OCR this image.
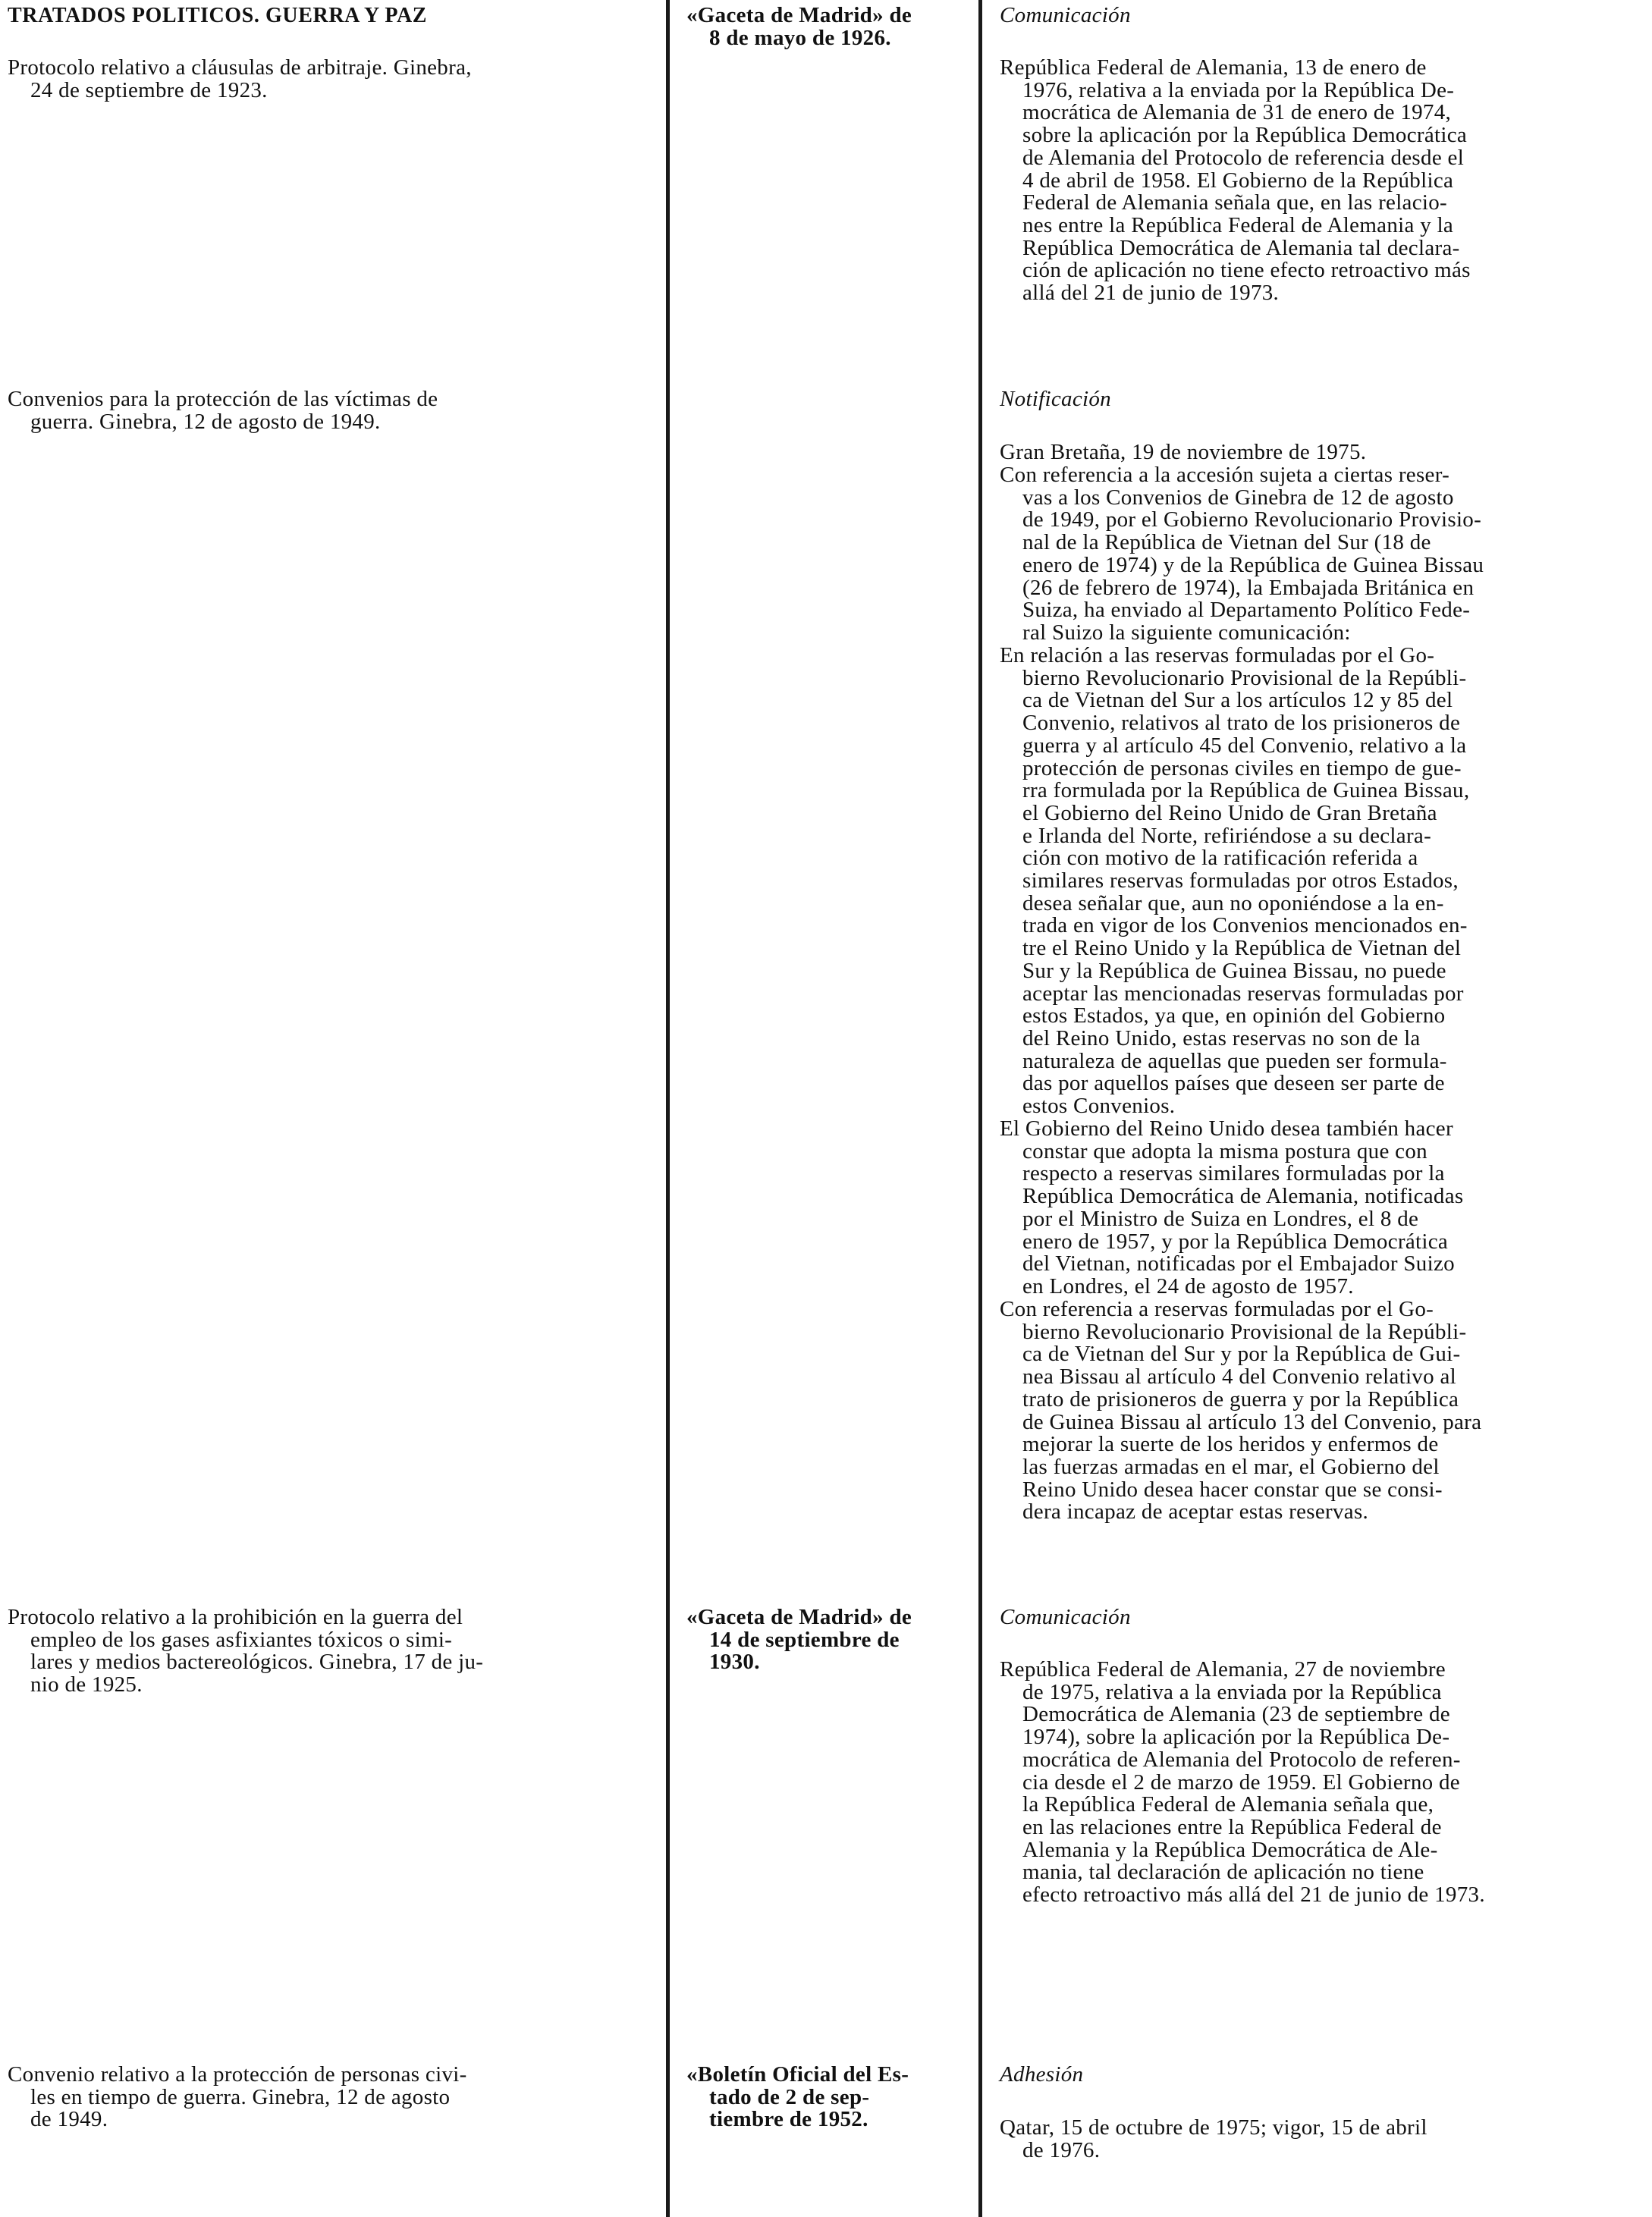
TRATADOS POLITICOS. GUERRA Y PAZ
Protocolo relativo a cláusulas de arbitraje. Ginebra,
24 de septiembre de 1923.
«Gaceta de Madrid» de
8 de mayo de 1926.
Comunicación
República Federal de Alemania, 13 de enero de
1976, relativa a la enviada por la República De-
mocrática de Alemania de 31 de enero de 1974,
sobre la aplicación por la República Democrática
de Alemania del Protocolo de referencia desde el
4 de abril de 1958. El Gobierno de la República
Federal de Alemania señala que, en las relacio-
nes entre la República Federal de Alemania y la
República Democrática de Alemania tal declara-
ción de aplicación no tiene efecto retroactivo más
allá del 21 de junio de 1973.
Convenios para la protección de las víctimas de
guerra. Ginebra, 12 de agosto de 1949.
Notificación
Gran Bretaña, 19 de noviembre de 1975.
Con referencia a la accesión sujeta a ciertas reser-
vas a los Convenios de Ginebra de 12 de agosto
de 1949, por el Gobierno Revolucionario Provisio-
nal de la República de Vietnan del Sur (18 de
enero de 1974) y de la República de Guinea Bissau
(26 de febrero de 1974), la Embajada Británica en
Suiza, ha enviado al Departamento Político Fede-
ral Suizo la siguiente comunicación:
En relación a las reservas formuladas por el Go-
bierno Revolucionario Provisional de la Repúbli-
ca de Vietnan del Sur a los artículos 12 y 85 del
Convenio, relativos al trato de los prisioneros de
guerra y al artículo 45 del Convenio, relativo a la
protección de personas civiles en tiempo de gue-
rra formulada por la República de Guinea Bissau,
el Gobierno del Reino Unido de Gran Bretaña
e Irlanda del Norte, refiriéndose a su declara-
ción con motivo de la ratificación referida a
similares reservas formuladas por otros Estados,
desea señalar que, aun no oponiéndose a la en-
trada en vigor de los Convenios mencionados en-
tre el Reino Unido y la República de Vietnan del
Sur y la República de Guinea Bissau, no puede
aceptar las mencionadas reservas formuladas por
estos Estados, ya que, en opinión del Gobierno
del Reino Unido, estas reservas no son de la
naturaleza de aquellas que pueden ser formula-
das por aquellos países que deseen ser parte de
estos Convenios.
El Gobierno del Reino Unido desea también hacer
constar que adopta la misma postura que con
respecto a reservas similares formuladas por la
República Democrática de Alemania, notificadas
por el Ministro de Suiza en Londres, el 8 de
enero de 1957, y por la República Democrática
del Vietnan, notificadas por el Embajador Suizo
en Londres, el 24 de agosto de 1957.
Con referencia a reservas formuladas por el Go-
bierno Revolucionario Provisional de la Repúbli-
ca de Vietnan del Sur y por la República de Gui-
nea Bissau al artículo 4 del Convenio relativo al
trato de prisioneros de guerra y por la República
de Guinea Bissau al artículo 13 del Convenio, para
mejorar la suerte de los heridos y enfermos de
las fuerzas armadas en el mar, el Gobierno del
Reino Unido desea hacer constar que se consi-
dera incapaz de aceptar estas reservas.
Protocolo relativo a la prohibición en la guerra del
empleo de los gases asfixiantes tóxicos o simi-
lares y medios bactereológicos. Ginebra, 17 de ju-
nio de 1925.
«Gaceta de Madrid» de
14 de septiembre de
1930.
Comunicación
República Federal de Alemania, 27 de noviembre
de 1975, relativa a la enviada por la República
Democrática de Alemania (23 de septiembre de
1974), sobre la aplicación por la República De-
mocrática de Alemania del Protocolo de referen-
cia desde el 2 de marzo de 1959. El Gobierno de
la República Federal de Alemania señala que,
en las relaciones entre la República Federal de
Alemania y la República Democrática de Ale-
mania, tal declaración de aplicación no tiene
efecto retroactivo más allá del 21 de junio de 1973.
Convenio relativo a la protección de personas civi-
les en tiempo de guerra. Ginebra, 12 de agosto
de 1949.
«Boletín Oficial del Es-
tado de 2 de sep-
tiembre de 1952.
Adhesión
Qatar, 15 de octubre de 1975; vigor, 15 de abril
de 1976.
